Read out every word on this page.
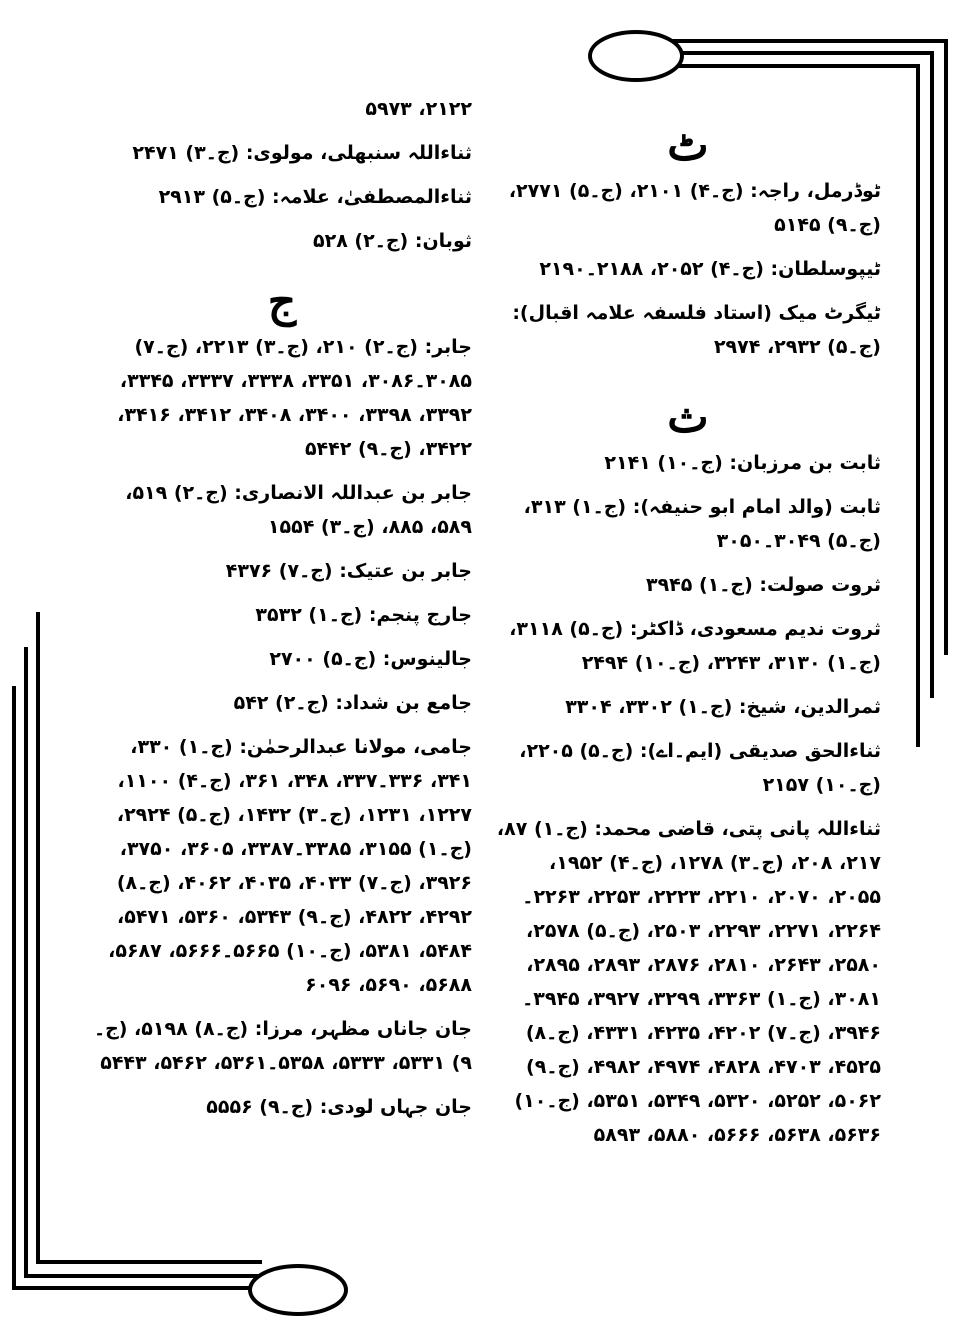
ٹ

ٹوڈرمل، راجہ: (ج۔۴) ۲۱۰۱، (ج۔۵) ۲۷۷۱، (ج۔۹) ۵۱۴۵

ٹیپوسلطان: (ج۔۴) ۲۰۵۲، ۲۱۸۸۔۲۱۹۰

ٹیگرٹ میک (استاد فلسفہ علامہ اقبال): (ج۔۵) ۲۹۳۲، ۲۹۷۴

ث

ثابت بن مرزبان: (ج۔۱۰) ۲۱۴۱

ثابت (والد امام ابو حنیفہ): (ج۔۱) ۳۱۳، (ج۔۵) ۳۰۴۹۔۳۰۵۰

ثروت صولت: (ج۔۱) ۳۹۴۵

ثروت ندیم مسعودی، ڈاکٹر: (ج۔۵) ۳۱۱۸، (ج۔۱) ۳۱۳۰، ۳۲۴۳، (ج۔۱۰) ۲۴۹۴

ثمرالدین، شیخ: (ج۔۱) ۳۳۰۲، ۳۳۰۴

ثناءالحق صدیقی (ایم۔اے): (ج۔۵) ۲۲۰۵، (ج۔۱۰) ۲۱۵۷

ثناءاللہ پانی پتی، قاضی محمد: (ج۔۱) ۸۷، ۲۱۷، ۲۰۸، (ج۔۳) ۱۲۷۸، (ج۔۴) ۱۹۵۲، ۲۰۵۵، ۲۰۷۰، ۲۲۱۰، ۲۲۲۳، ۲۲۵۳، ۲۲۶۳۔۲۲۶۴، ۲۲۷۱، ۲۲۹۳، ۲۵۰۳، (ج۔۵) ۲۵۷۸، ۲۵۸۰، ۲۶۴۳، ۲۸۱۰، ۲۸۷۶، ۲۸۹۳، ۲۸۹۵، ۳۰۸۱، (ج۔۱) ۳۳۶۳، ۳۲۹۹، ۳۹۲۷، ۳۹۴۵۔۳۹۴۶، (ج۔۷) ۴۲۰۲، ۴۲۳۵، ۴۳۳۱، (ج۔۸) ۴۵۲۵، ۴۷۰۳، ۴۸۲۸، ۴۹۷۴، ۴۹۸۲، (ج۔۹) ۵۰۶۲، ۵۲۵۲، ۵۳۲۰، ۵۳۴۹، ۵۳۵۱، (ج۔۱۰) ۵۶۳۶، ۵۶۳۸، ۵۶۶۶، ۵۸۸۰، ۵۸۹۳

۲۱۲۲، ۵۹۷۳

ثناءاللہ سنبھلی، مولوی: (ج۔۳) ۲۴۷۱

ثناءالمصطفیٰ، علامہ: (ج۔۵) ۲۹۱۳

ثوبان: (ج۔۲) ۵۲۸

ج

جابر: (ج۔۲) ۲۱۰، (ج۔۳) ۲۲۱۳، (ج۔۷) ۳۰۸۵۔۳۰۸۶، ۳۳۵۱، ۳۳۳۸، ۳۳۳۷، ۳۳۴۵، ۳۳۹۲، ۳۳۹۸، ۳۴۰۰، ۳۴۰۸، ۳۴۱۲، ۳۴۱۶، ۳۴۲۲، (ج۔۹) ۵۴۴۲

جابر بن عبداللہ الانصاری: (ج۔۲) ۵۱۹، ۵۸۹، ۸۸۵، (ج۔۳) ۱۵۵۴

جابر بن عتیک: (ج۔۷) ۴۳۷۶

جارج پنجم: (ج۔۱) ۳۵۳۲

جالینوس: (ج۔۵) ۲۷۰۰

جامع بن شداد: (ج۔۲) ۵۴۲

جامی، مولانا عبدالرحمٰن: (ج۔۱) ۳۳۰، ۳۴۱، ۳۳۶۔۳۳۷، ۳۴۸، ۳۶۱، (ج۔۴) ۱۱۰۰، ۱۲۲۷، ۱۲۳۱، (ج۔۳) ۱۴۳۲، (ج۔۵) ۲۹۲۴، (ج۔۱) ۳۱۵۵، ۳۳۸۵۔۳۳۸۷، ۳۶۰۵، ۳۷۵۰، ۳۹۲۶، (ج۔۷) ۴۰۳۳، ۴۰۳۵، ۴۰۶۲، (ج۔۸) ۴۲۹۲، ۴۸۲۲، (ج۔۹) ۵۳۴۳، ۵۳۶۰، ۵۴۷۱، ۵۴۸۴، ۵۳۸۱، (ج۔۱۰) ۵۶۶۵۔۵۶۶۶، ۵۶۸۷، ۵۶۸۸، ۵۶۹۰، ۶۰۹۶

جان جاناں مظہر، مرزا: (ج۔۸) ۵۱۹۸، (ج۔۹) ۵۳۳۱، ۵۳۳۳، ۵۳۵۸۔۵۳۶۱، ۵۴۶۲، ۵۴۴۳

جان جہاں لودی: (ج۔۹) ۵۵۵۶
